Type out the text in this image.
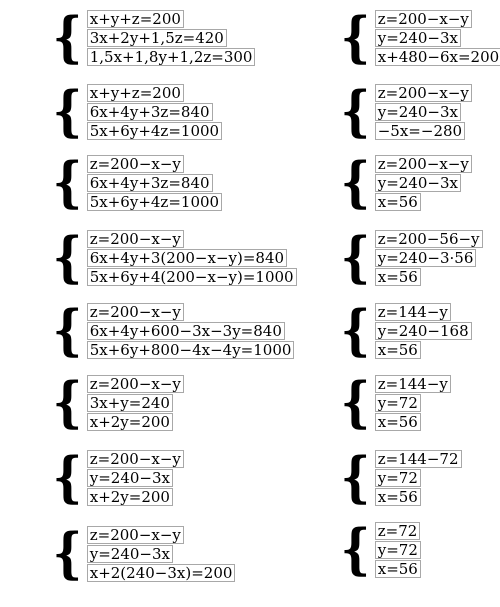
{ x+y+z=200
3x+2y+1,5z=420
1,5x+1,8y+1,2z=300
{ x+y+z=200
6x+4y+3z=840
5x+6y+4z=1000
{ z=200−x−y
6x+4y+3z=840
5x+6y+4z=1000
{ z=200−x−y
6x+4y+3(200−x−y)=840
5x+6y+4(200−x−y)=1000
{ z=200−x−y
6x+4y+600−3x−3y=840
5x+6y+800−4x−4y=1000
{ z=200−x−y
3x+y=240
x+2y=200
{ z=200−x−y
y=240−3x
x+2y=200
{ z=200−x−y
y=240−3x
x+2(240−3x)=200
{ z=200−x−y
y=240−3x
x+480−6x=200
{ z=200−x−y
y=240−3x
−5x=−280
{ z=200−x−y
y=240−3x
x=56
{ z=200−56−y
y=240−3·56
x=56
{ z=144−y
y=240−168
x=56
{ z=144−y
y=72
x=56
{ z=144−72
y=72
x=56
{ z=72
y=72
x=56
